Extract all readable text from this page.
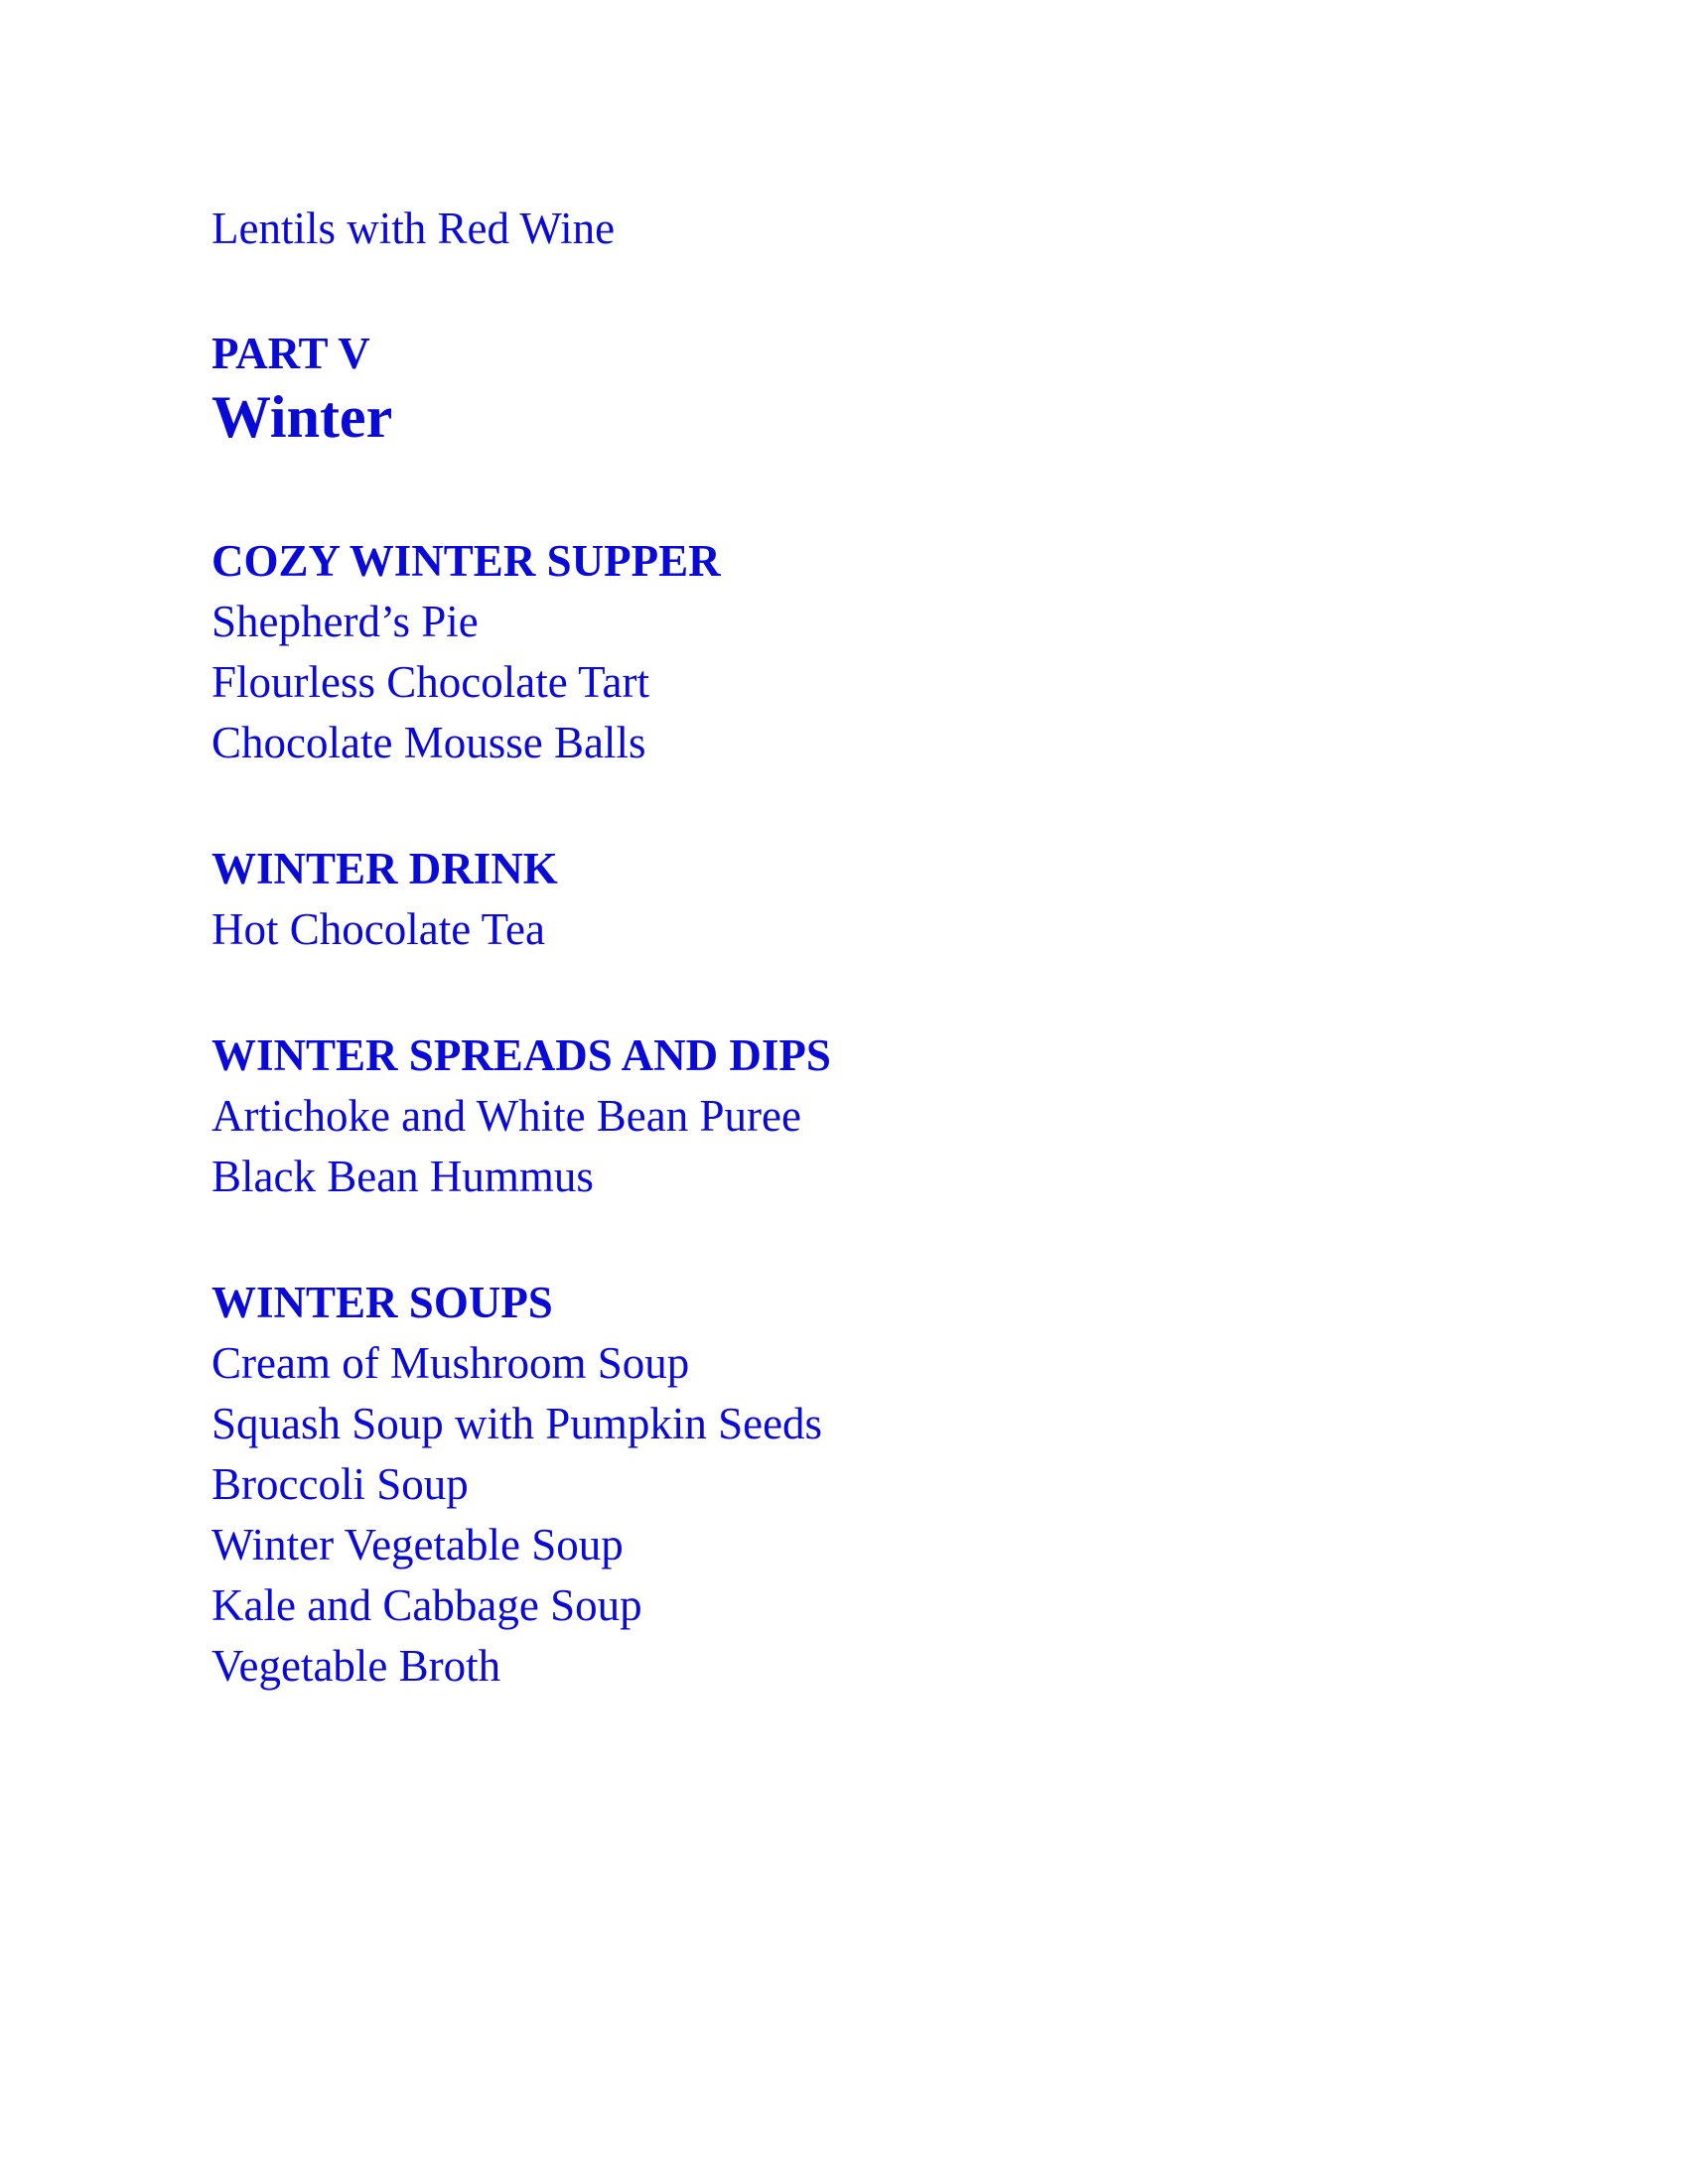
Lentils with Red Wine
PART V
Winter
COZY WINTER SUPPER
Shepherd’s Pie
Flourless Chocolate Tart
Chocolate Mousse Balls
WINTER DRINK
Hot Chocolate Tea
WINTER SPREADS AND DIPS
Artichoke and White Bean Puree
Black Bean Hummus
WINTER SOUPS
Cream of Mushroom Soup
Squash Soup with Pumpkin Seeds
Broccoli Soup
Winter Vegetable Soup
Kale and Cabbage Soup
Vegetable Broth
